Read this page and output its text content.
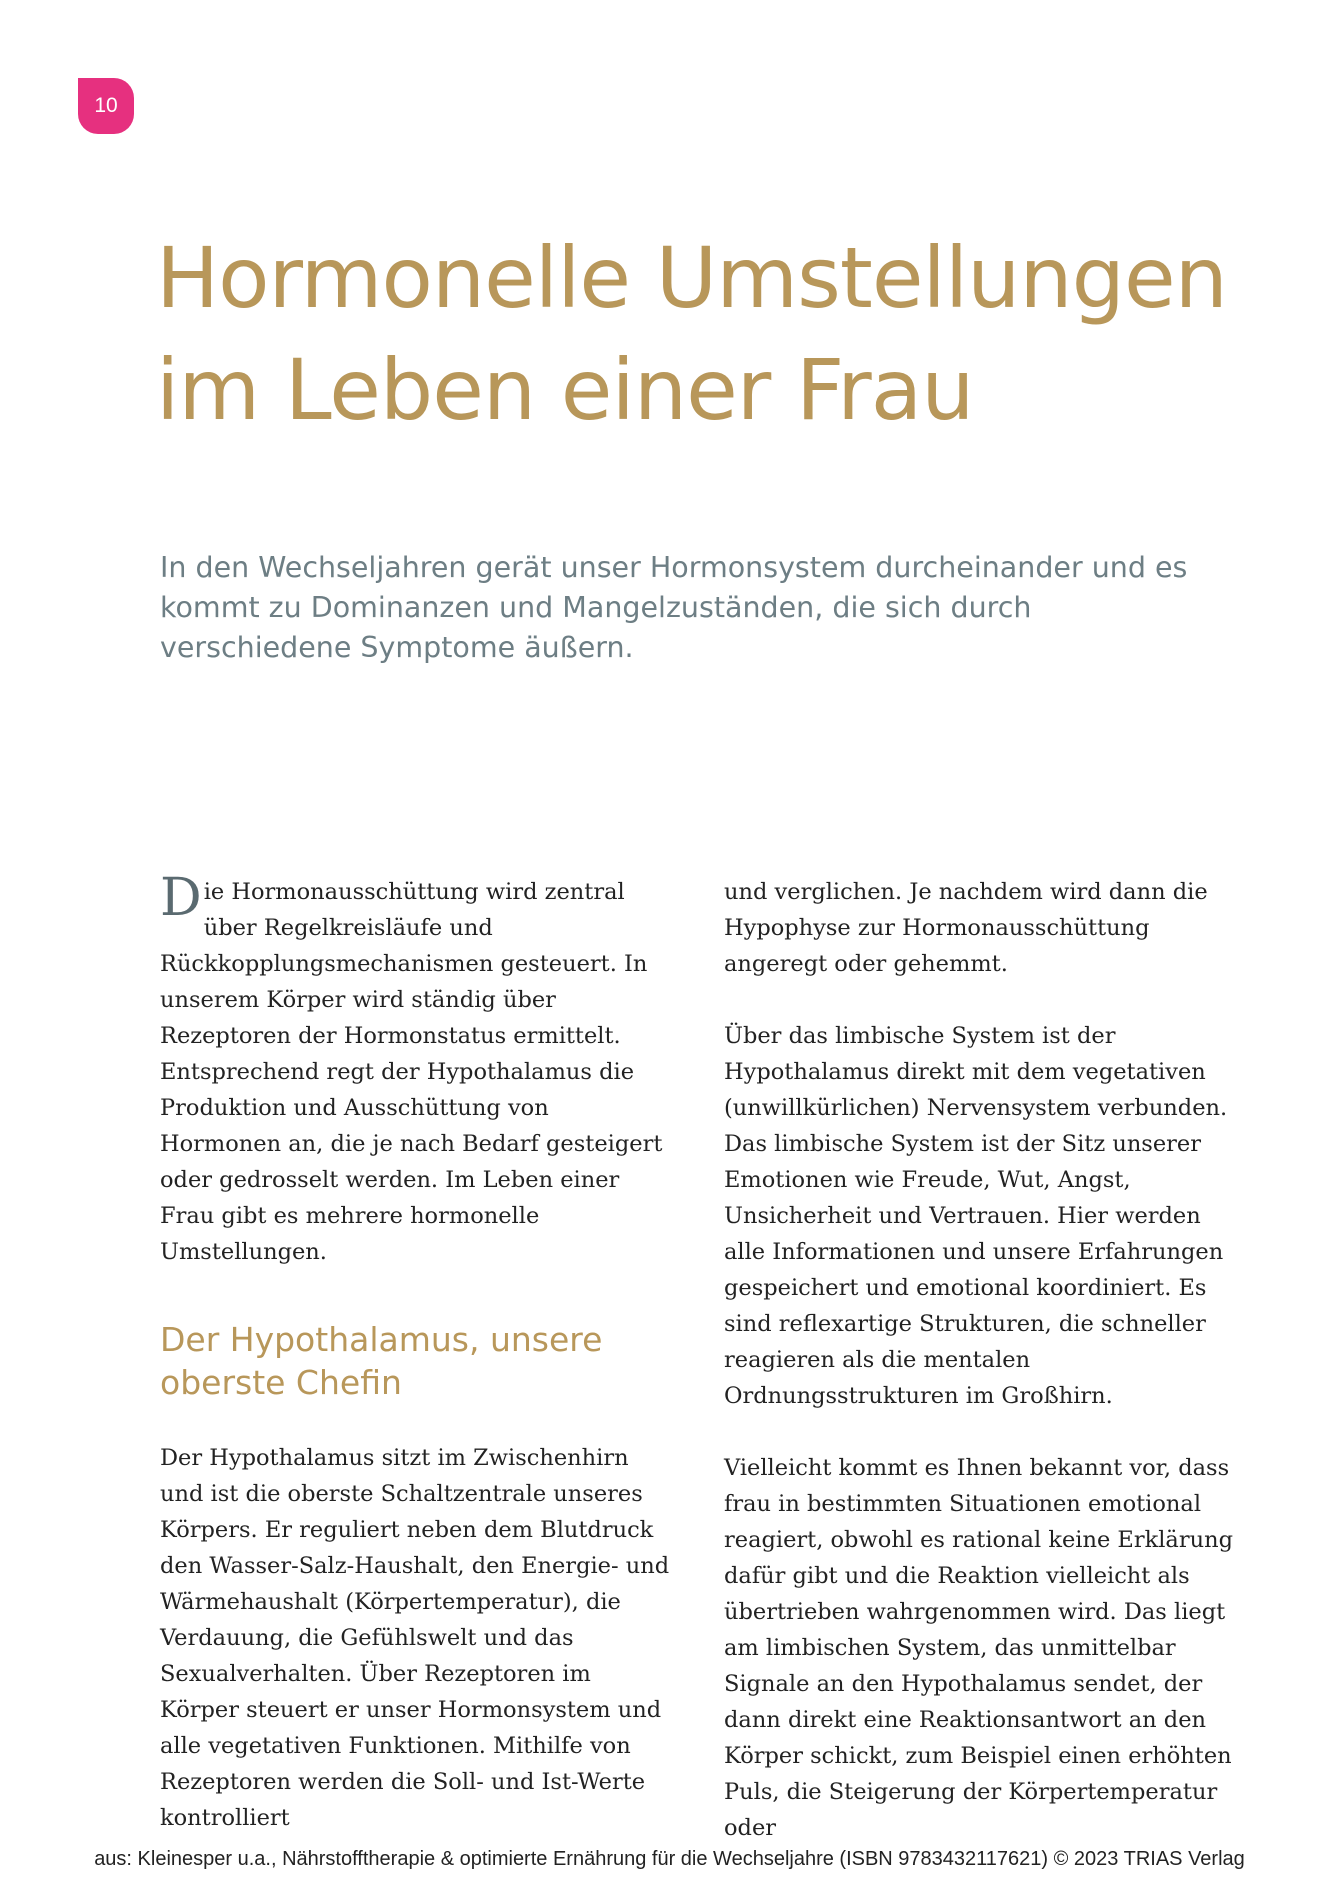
10
Hormonelle Umstellungen
im Leben einer Frau

In den Wechseljahren gerät unser Hormonsystem durcheinander und es kommt zu Dominanzen und Mangelzuständen, die sich durch verschiedene Symptome äußern.

Die Hormonausschüttung wird zentral über Regelkreisläufe und Rückkopplungsmechanismen gesteuert. In unserem Körper wird ständig über Rezeptoren der Hormonstatus ermittelt. Entsprechend regt der Hypothalamus die Produktion und Ausschüttung von Hormonen an, die je nach Bedarf gesteigert oder gedrosselt werden. Im Leben einer Frau gibt es mehrere hormonelle Umstellungen.

Der Hypothalamus, unsere oberste Chefin

Der Hypothalamus sitzt im Zwischenhirn und ist die oberste Schaltzentrale unseres Körpers. Er reguliert neben dem Blutdruck den Wasser-Salz-Haushalt, den Energie- und Wärmehaushalt (Körpertemperatur), die Verdauung, die Gefühlswelt und das Sexualverhalten. Über Rezeptoren im Körper steuert er unser Hormonsystem und alle vegetativen Funktionen. Mithilfe von Rezeptoren werden die Soll- und Ist-Werte kontrolliert

und verglichen. Je nachdem wird dann die Hypophyse zur Hormonausschüttung angeregt oder gehemmt.

Über das limbische System ist der Hypothalamus direkt mit dem vegetativen (unwillkürlichen) Nervensystem verbunden. Das limbische System ist der Sitz unserer Emotionen wie Freude, Wut, Angst, Unsicherheit und Vertrauen. Hier werden alle Informationen und unsere Erfahrungen gespeichert und emotional koordiniert. Es sind reflexartige Strukturen, die schneller reagieren als die mentalen Ordnungsstrukturen im Großhirn.

Vielleicht kommt es Ihnen bekannt vor, dass frau in bestimmten Situationen emotional reagiert, obwohl es rational keine Erklärung dafür gibt und die Reaktion vielleicht als übertrieben wahrgenommen wird. Das liegt am limbischen System, das unmittelbar Signale an den Hypothalamus sendet, der dann direkt eine Reaktionsantwort an den Körper schickt, zum Beispiel einen erhöhten Puls, die Steigerung der Körpertemperatur oder

aus: Kleinesper u.a., Nährstofftherapie & optimierte Ernährung für die Wechseljahre (ISBN 9783432117621) © 2023 TRIAS Verlag
